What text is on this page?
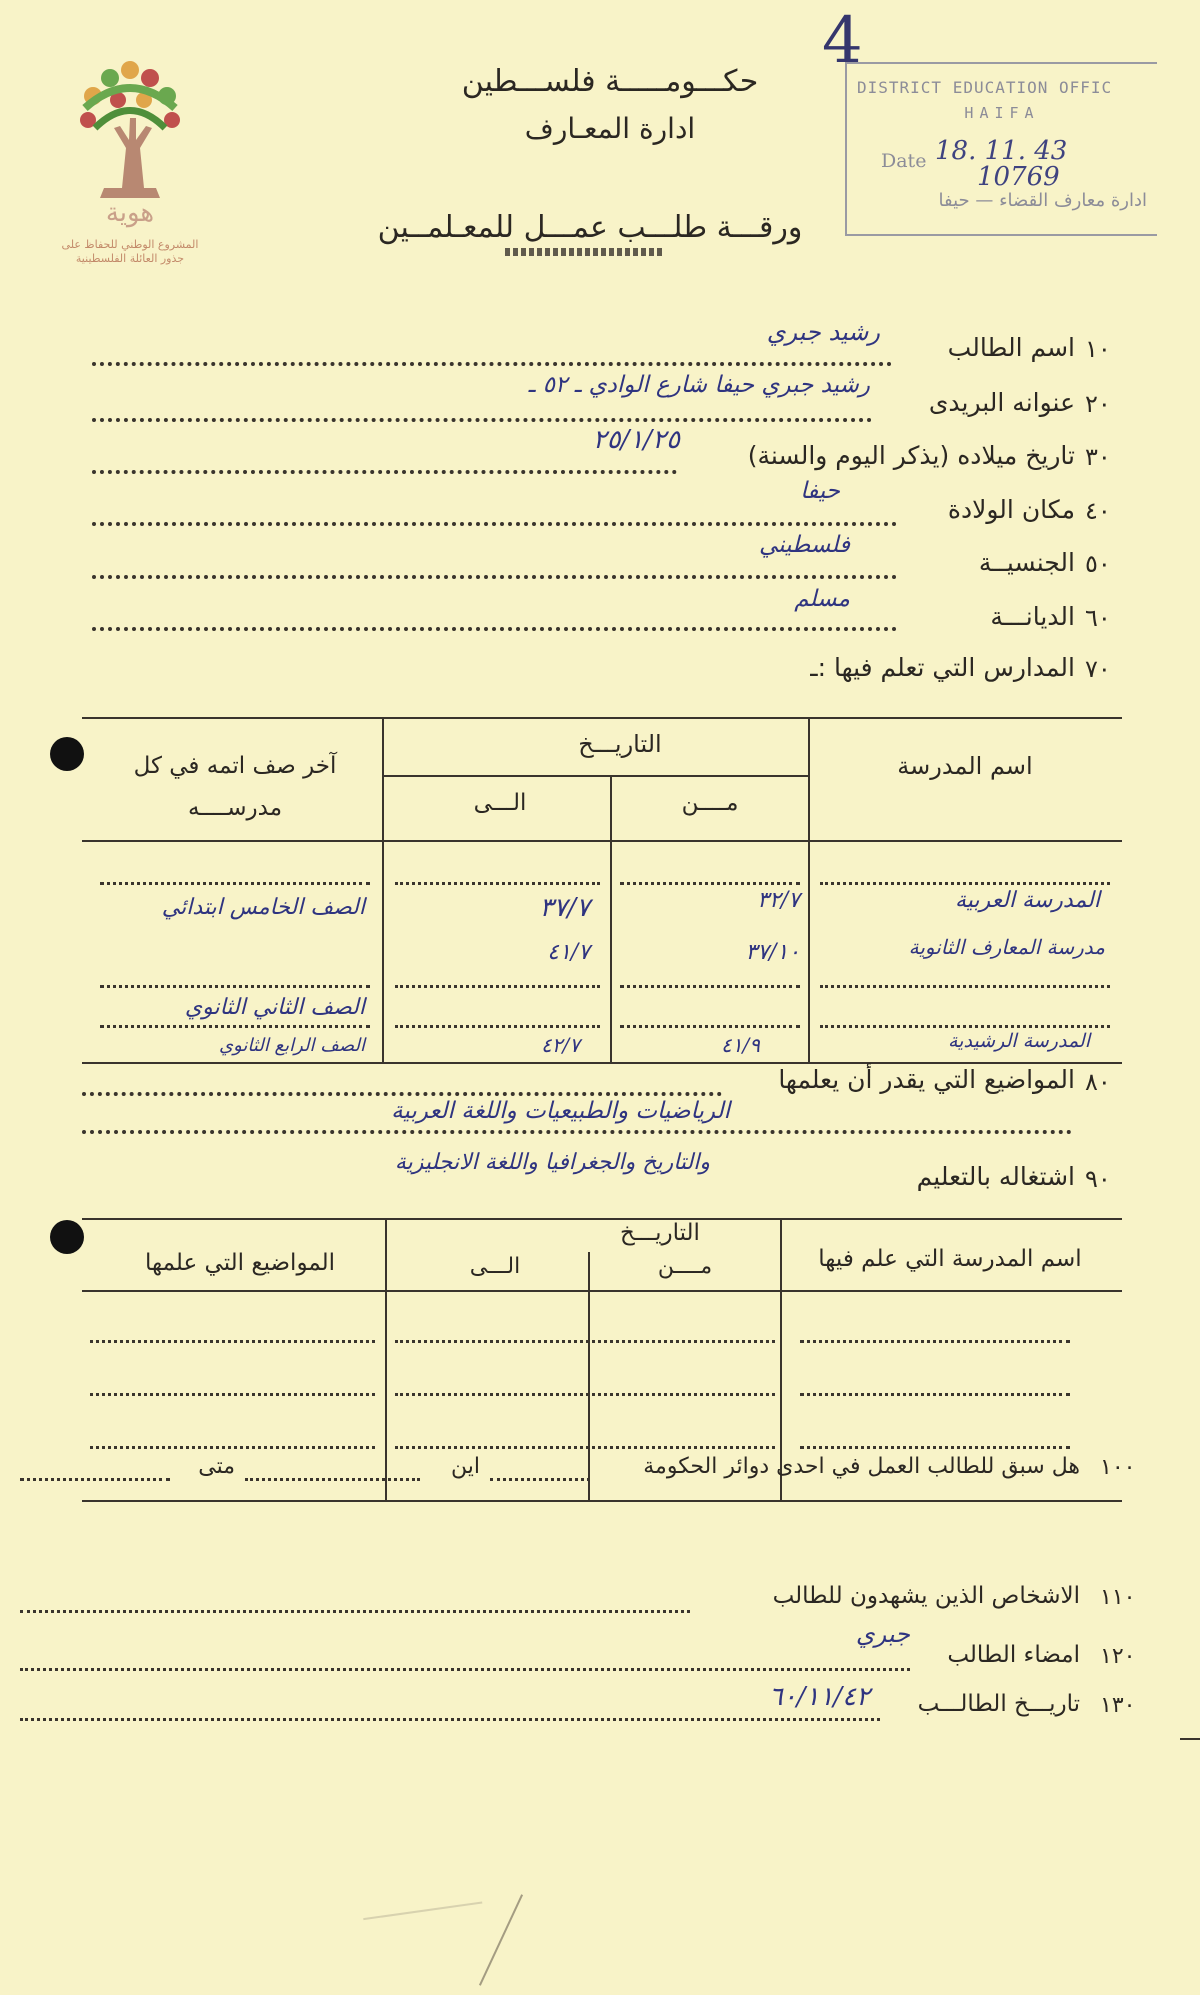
4
هوية
المشروع الوطني للحفاظ على
جذور العائلة الفلسطينية
DISTRICT EDUCATION OFFIC
HAIFA
Date 18. 11. 43
10769
ادارة معارف القضاء — حيفا
حكـــومـــــة فلســـطين
ادارة المعـارف
ورقـــة طلـــب عمـــل للمعـلمــين
١٠
اسم الطالب
رشيد جبري
٢٠
عنوانه البريدى
رشيد جبري حيفا شارع الوادي ـ ٥٢ ـ
٣٠
تاريخ ميلاده (يذكر اليوم والسنة)
٢٥/١/٢٥
٤٠
مكان الولادة
حيفا
٥٠
الجنسيــة
فلسطيني
٦٠
الديانـــة
مسلم
٧٠
المدارس التي تعلم فيها :ـ
اسم المدرسة
التاريـــخ
مــــن
الـــى
آخر صف اتمه في كل مدرســــه
المدرسة العربية
٣٢/٧
٣٧/٧
الصف الخامس ابتدائي
مدرسة المعارف الثانوية
٣٧/١٠
٤١/٧
الصف الثاني الثانوي
المدرسة الرشيدية
٤١/٩
٤٢/٧
الصف الرابع الثانوي
٨٠
المواضيع التي يقدر أن يعلمها
الرياضيات والطبيعيات واللغة العربية
والتاريخ والجغرافيا واللغة الانجليزية
٩٠
اشتغاله بالتعليم
اسم المدرسة التي علم فيها
التاريـــخ
مــــن
الـــى
المواضيع التي علمها
١٠٠
هل سبق للطالب العمل في احدى دوائر الحكومة
اين
متى
١١٠
الاشخاص الذين يشهدون للطالب
١٢٠
امضاء الطالب
جبري
١٣٠
تاريـــخ الطالـــب
٦٠/١١/٤٢
